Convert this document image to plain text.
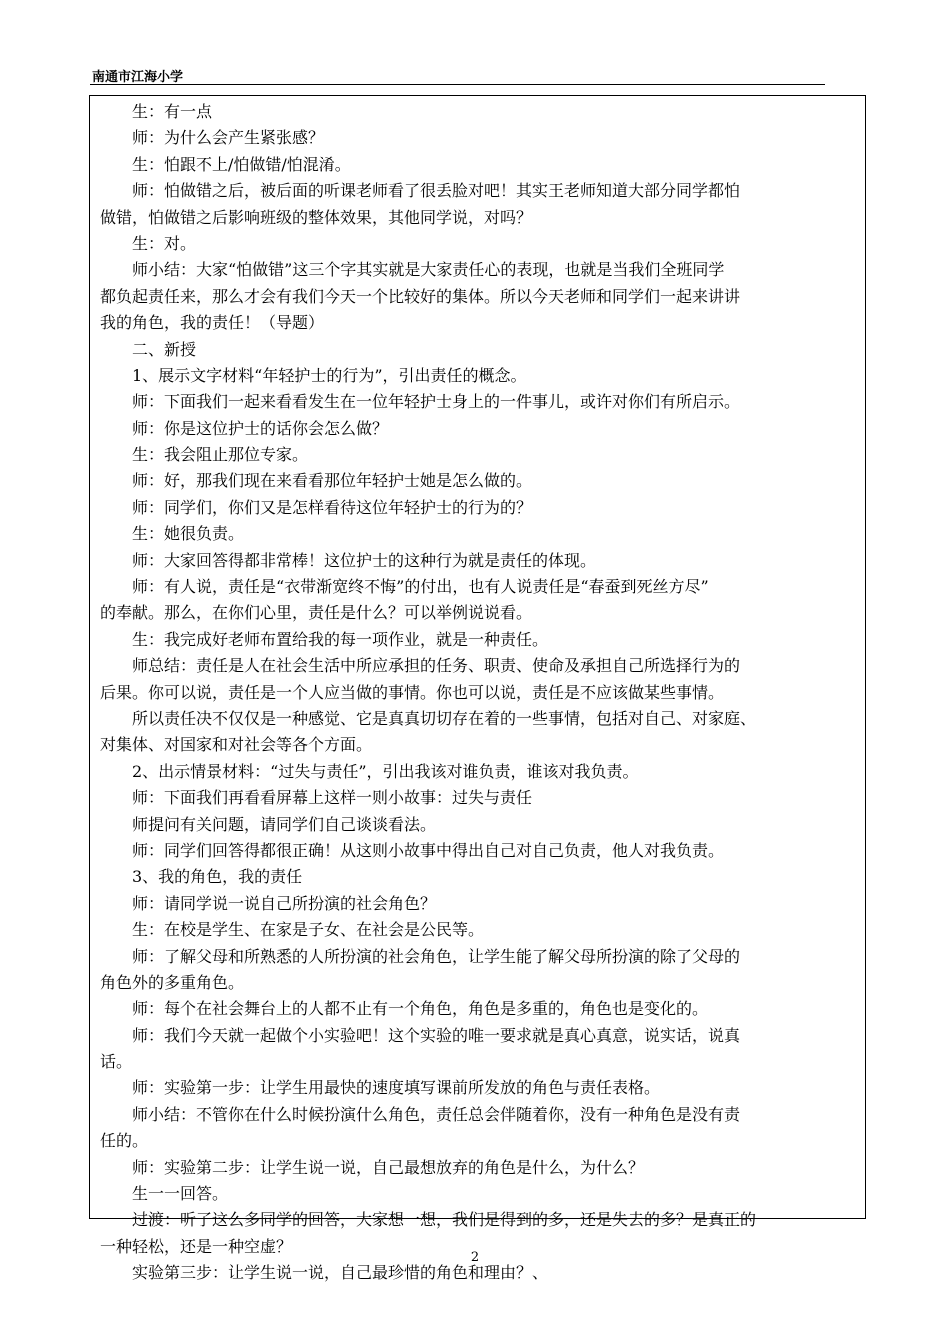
南通市江海小学
生：有一点
师：为什么会产生紧张感？
生：怕跟不上/怕做错/怕混淆。
师：怕做错之后，被后面的听课老师看了很丢脸对吧！其实王老师知道大部分同学都怕
做错，怕做错之后影响班级的整体效果，其他同学说，对吗？
生：对。
师小结：大家“怕做错”这三个字其实就是大家责任心的表现，也就是当我们全班同学
都负起责任来，那么才会有我们今天一个比较好的集体。所以今天老师和同学们一起来讲讲
我的角色，我的责任！（导题）
二、新授
1、展示文字材料“年轻护士的行为”，引出责任的概念。
师：下面我们一起来看看发生在一位年轻护士身上的一件事儿，或许对你们有所启示。
师：你是这位护士的话你会怎么做？
生：我会阻止那位专家。
师：好，那我们现在来看看那位年轻护士她是怎么做的。
师：同学们，你们又是怎样看待这位年轻护士的行为的？
生：她很负责。
师：大家回答得都非常棒！这位护士的这种行为就是责任的体现。
师：有人说，责任是“衣带渐宽终不悔”的付出，也有人说责任是“春蚕到死丝方尽”
的奉献。那么，在你们心里，责任是什么？可以举例说说看。
生：我完成好老师布置给我的每一项作业，就是一种责任。
师总结：责任是人在社会生活中所应承担的任务、职责、使命及承担自己所选择行为的
后果。你可以说，责任是一个人应当做的事情。你也可以说，责任是不应该做某些事情。
所以责任决不仅仅是一种感觉、它是真真切切存在着的一些事情，包括对自己、对家庭、
对集体、对国家和对社会等各个方面。
2、出示情景材料：“过失与责任”，引出我该对谁负责，谁该对我负责。
师：下面我们再看看屏幕上这样一则小故事：过失与责任
师提问有关问题，请同学们自己谈谈看法。
师：同学们回答得都很正确！从这则小故事中得出自己对自己负责，他人对我负责。
3、我的角色，我的责任
师：请同学说一说自己所扮演的社会角色？
生：在校是学生、在家是子女、在社会是公民等。
师：了解父母和所熟悉的人所扮演的社会角色，让学生能了解父母所扮演的除了父母的
角色外的多重角色。
师：每个在社会舞台上的人都不止有一个角色，角色是多重的，角色也是变化的。
师：我们今天就一起做个小实验吧！这个实验的唯一要求就是真心真意，说实话，说真
话。
师：实验第一步：让学生用最快的速度填写课前所发放的角色与责任表格。
师小结：不管你在什么时候扮演什么角色，责任总会伴随着你，没有一种角色是没有责
任的。
师：实验第二步：让学生说一说，自己最想放弃的角色是什么，为什么？
生一一回答。
过渡：听了这么多同学的回答，大家想一想，我们是得到的多，还是失去的多？是真正的
一种轻松，还是一种空虚？
实验第三步：让学生说一说，自己最珍惜的角色和理由？、
2
